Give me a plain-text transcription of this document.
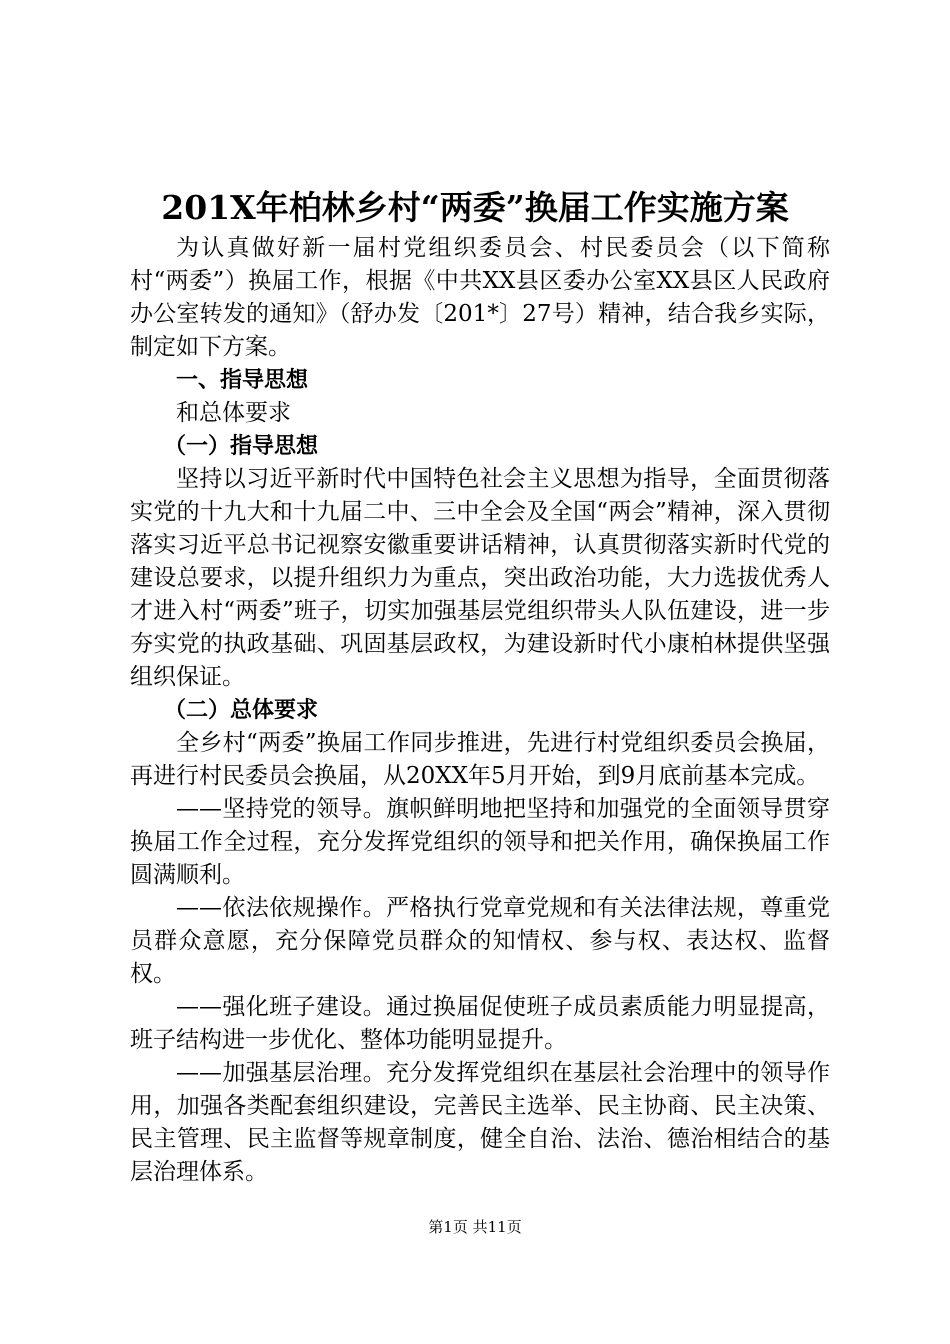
201X年柏林乡村“两委”换届工作实施方案

为认真做好新一届村党组织委员会、村民委员会（以下简称村“两委”）换届工作，根据《中共XX县区委办公室XX县区人民政府办公室转发的通知》（舒办发〔201*〕27号）精神，结合我乡实际，制定如下方案。

一、指导思想

和总体要求

（一）指导思想

坚持以习近平新时代中国特色社会主义思想为指导，全面贯彻落实党的十九大和十九届二中、三中全会及全国“两会”精神，深入贯彻落实习近平总书记视察安徽重要讲话精神，认真贯彻落实新时代党的建设总要求，以提升组织力为重点，突出政治功能，大力选拔优秀人才进入村“两委”班子，切实加强基层党组织带头人队伍建设，进一步夯实党的执政基础、巩固基层政权，为建设新时代小康柏林提供坚强组织保证。

（二）总体要求

全乡村“两委”换届工作同步推进，先进行村党组织委员会换届，再进行村民委员会换届，从20XX年5月开始，到9月底前基本完成。

——坚持党的领导。旗帜鲜明地把坚持和加强党的全面领导贯穿换届工作全过程，充分发挥党组织的领导和把关作用，确保换届工作圆满顺利。

——依法依规操作。严格执行党章党规和有关法律法规，尊重党员群众意愿，充分保障党员群众的知情权、参与权、表达权、监督权。

——强化班子建设。通过换届促使班子成员素质能力明显提高，班子结构进一步优化、整体功能明显提升。

——加强基层治理。充分发挥党组织在基层社会治理中的领导作用，加强各类配套组织建设，完善民主选举、民主协商、民主决策、民主管理、民主监督等规章制度，健全自治、法治、德治相结合的基层治理体系。

第1页 共11页
